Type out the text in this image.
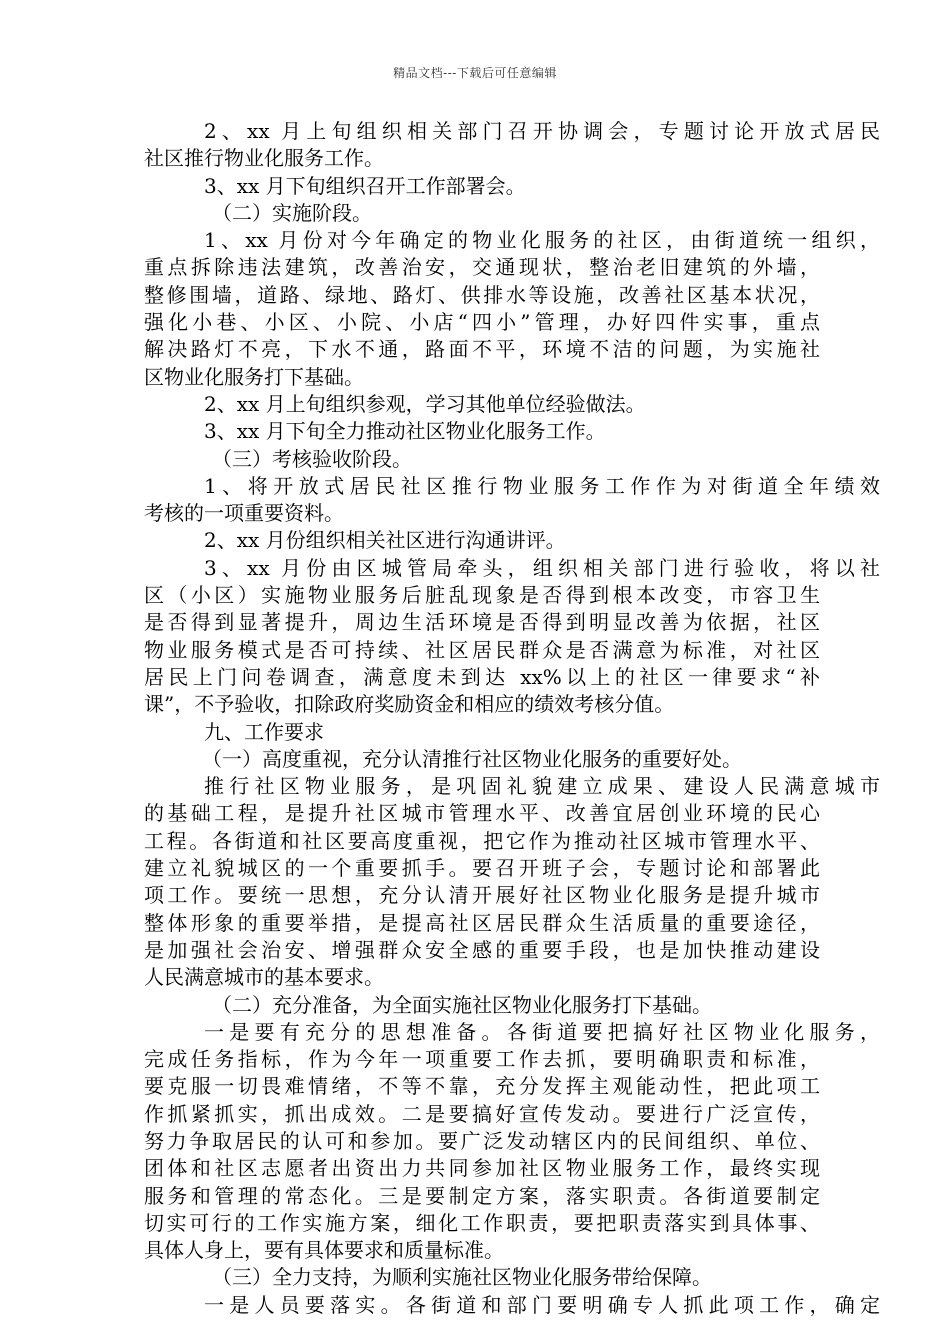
精品文档---下载后可任意编辑
2、xx 月上旬组织相关部门召开协调会，专题讨论开放式居民
社区推行物业化服务工作。
3、xx 月下旬组织召开工作部署会。
（二）实施阶段。
1、xx 月份对今年确定的物业化服务的社区，由街道统一组织，
重点拆除违法建筑，改善治安，交通现状，整治老旧建筑的外墙，
整修围墙，道路、绿地、路灯、供排水等设施，改善社区基本状况，
强化小巷、小区、小院、小店“四小”管理，办好四件实事，重点
解决路灯不亮，下水不通，路面不平，环境不洁的问题，为实施社
区物业化服务打下基础。
2、xx 月上旬组织参观，学习其他单位经验做法。
3、xx 月下旬全力推动社区物业化服务工作。
（三）考核验收阶段。
1、将开放式居民社区推行物业服务工作作为对街道全年绩效
考核的一项重要资料。
2、xx 月份组织相关社区进行沟通讲评。
3、xx 月份由区城管局牵头，组织相关部门进行验收，将以社
区（小区）实施物业服务后脏乱现象是否得到根本改变，市容卫生
是否得到显著提升，周边生活环境是否得到明显改善为依据，社区
物业服务模式是否可持续、社区居民群众是否满意为标准，对社区
居民上门问卷调查，满意度未到达 xx%以上的社区一律要求“补
课”，不予验收，扣除政府奖励资金和相应的绩效考核分值。
九、工作要求
（一）高度重视，充分认清推行社区物业化服务的重要好处。
推行社区物业服务，是巩固礼貌建立成果、建设人民满意城市
的基础工程，是提升社区城市管理水平、改善宜居创业环境的民心
工程。各街道和社区要高度重视，把它作为推动社区城市管理水平、
建立礼貌城区的一个重要抓手。要召开班子会，专题讨论和部署此
项工作。要统一思想，充分认清开展好社区物业化服务是提升城市
整体形象的重要举措，是提高社区居民群众生活质量的重要途径，
是加强社会治安、增强群众安全感的重要手段，也是加快推动建设
人民满意城市的基本要求。
（二）充分准备，为全面实施社区物业化服务打下基础。
一是要有充分的思想准备。各街道要把搞好社区物业化服务，
完成任务指标，作为今年一项重要工作去抓，要明确职责和标准，
要克服一切畏难情绪，不等不靠，充分发挥主观能动性，把此项工
作抓紧抓实，抓出成效。二是要搞好宣传发动。要进行广泛宣传，
努力争取居民的认可和参加。要广泛发动辖区内的民间组织、单位、
团体和社区志愿者出资出力共同参加社区物业服务工作，最终实现
服务和管理的常态化。三是要制定方案，落实职责。各街道要制定
切实可行的工作实施方案，细化工作职责，要把职责落实到具体事、
具体人身上，要有具体要求和质量标准。
（三）全力支持，为顺利实施社区物业化服务带给保障。
一是人员要落实。各街道和部门要明确专人抓此项工作，确定
